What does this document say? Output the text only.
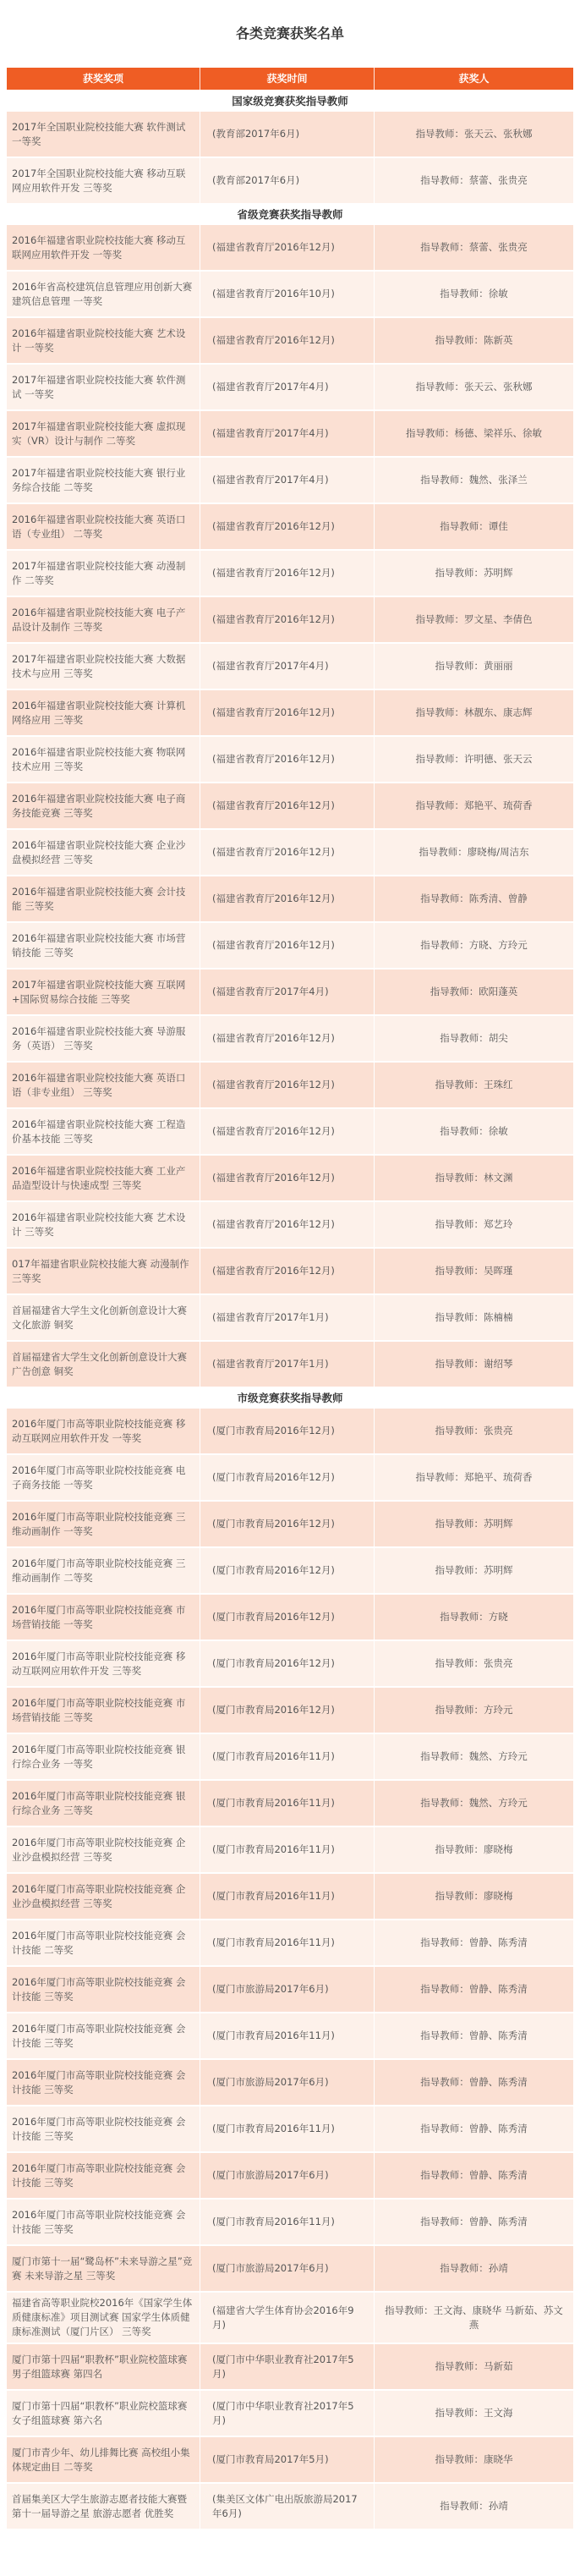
各类竞赛获奖名单
获奖奖项	获奖时间	获奖人
国家级竞赛获奖指导教师
2017年全国职业院校技能大赛 软件测试 一等奖
(教育部2017年6月)	指导教师：张天云、张秋娜
2017年全国职业院校技能大赛 移动互联网应用软件开发 三等奖
(教育部2017年6月)	指导教师：蔡蕾、张贵亮
省级竞赛获奖指导教师
2016年福建省职业院校技能大赛 移动互联网应用软件开发 一等奖
(福建省教育厅2016年12月)	指导教师：蔡蕾、张贵亮
2016年省高校建筑信息管理应用创新大赛 建筑信息管理 一等奖
(福建省教育厅2016年10月)	指导教师：徐敏
2016年福建省职业院校技能大赛 艺术设计 一等奖
(福建省教育厅2016年12月)	指导教师：陈新英
2017年福建省职业院校技能大赛 软件测试 一等奖
(福建省教育厅2017年4月)	指导教师：张天云、张秋娜
2017年福建省职业院校技能大赛 虚拟现实（VR）设计与制作 二等奖
(福建省教育厅2017年4月)	指导教师：杨德、梁祥乐、徐敏
2017年福建省职业院校技能大赛 银行业务综合技能 二等奖
(福建省教育厅2017年4月)	指导教师：魏然、张泽兰
2016年福建省职业院校技能大赛 英语口语（专业组） 二等奖
(福建省教育厅2016年12月)	指导教师：谭佳
2017年福建省职业院校技能大赛 动漫制作 二等奖
(福建省教育厅2016年12月)	指导教师：苏明辉
2016年福建省职业院校技能大赛 电子产品设计及制作 三等奖
(福建省教育厅2016年12月)	指导教师：罗文星、李倩色
2017年福建省职业院校技能大赛 大数据技术与应用 三等奖
(福建省教育厅2017年4月)	指导教师：黄丽丽
2016年福建省职业院校技能大赛 计算机网络应用 三等奖
(福建省教育厅2016年12月)	指导教师：林靓东、康志辉
2016年福建省职业院校技能大赛 物联网技术应用 三等奖
(福建省教育厅2016年12月)	指导教师：许明德、张天云
2016年福建省职业院校技能大赛 电子商务技能竞赛 三等奖
(福建省教育厅2016年12月)	指导教师：郑艳平、琉荷香
2016年福建省职业院校技能大赛 企业沙盘模拟经营 三等奖
(福建省教育厅2016年12月)	指导教师：廖晓梅/周洁东
2016年福建省职业院校技能大赛 会计技能 三等奖
(福建省教育厅2016年12月)	指导教师：陈秀清、曾静
2016年福建省职业院校技能大赛 市场营销技能 三等奖
(福建省教育厅2016年12月)	指导教师：方晓、方玲元
2017年福建省职业院校技能大赛 互联网+国际贸易综合技能 三等奖
(福建省教育厅2017年4月)	指导教师：欧阳蓬英
2016年福建省职业院校技能大赛 导游服务（英语） 三等奖
(福建省教育厅2016年12月)	指导教师：胡尖
2016年福建省职业院校技能大赛 英语口语（非专业组） 三等奖
(福建省教育厅2016年12月)	指导教师：王珠红
2016年福建省职业院校技能大赛 工程造价基本技能 三等奖
(福建省教育厅2016年12月)	指导教师：徐敏
2016年福建省职业院校技能大赛 工业产品造型设计与快速成型 三等奖
(福建省教育厅2016年12月)	指导教师：林文渊
2016年福建省职业院校技能大赛 艺术设计 三等奖
(福建省教育厅2016年12月)	指导教师：郑艺玲
017年福建省职业院校技能大赛 动漫制作 三等奖
(福建省教育厅2016年12月)	指导教师：吴晖瑾
首届福建省大学生文化创新创意设计大赛 文化旅游 铜奖
(福建省教育厅2017年1月)	指导教师：陈楠楠
首届福建省大学生文化创新创意设计大赛 广告创意 铜奖
(福建省教育厅2017年1月)	指导教师：谢绍琴
市级竞赛获奖指导教师
2016年厦门市高等职业院校技能竞赛 移动互联网应用软件开发 一等奖
(厦门市教育局2016年12月)	指导教师：张贵亮
2016年厦门市高等职业院校技能竞赛 电子商务技能 一等奖
(厦门市教育局2016年12月)	指导教师：郑艳平、琉荷香
2016年厦门市高等职业院校技能竞赛 三维动画制作 一等奖
(厦门市教育局2016年12月)	指导教师：苏明辉
2016年厦门市高等职业院校技能竞赛 三维动画制作 二等奖
(厦门市教育局2016年12月)	指导教师：苏明辉
2016年厦门市高等职业院校技能竞赛 市场营销技能 一等奖
(厦门市教育局2016年12月)	指导教师：方晓
2016年厦门市高等职业院校技能竞赛 移动互联网应用软件开发 三等奖
(厦门市教育局2016年12月)	指导教师：张贵亮
2016年厦门市高等职业院校技能竞赛 市场营销技能 三等奖
(厦门市教育局2016年12月)	指导教师：方玲元
2016年厦门市高等职业院校技能竞赛 银行综合业务 一等奖
(厦门市教育局2016年11月)	指导教师：魏然、方玲元
2016年厦门市高等职业院校技能竞赛 银行综合业务 三等奖
(厦门市教育局2016年11月)	指导教师：魏然、方玲元
2016年厦门市高等职业院校技能竞赛 企业沙盘模拟经营 三等奖
(厦门市教育局2016年11月)	指导教师：廖晓梅
2016年厦门市高等职业院校技能竞赛 企业沙盘模拟经营 三等奖
(厦门市教育局2016年11月)	指导教师：廖晓梅
2016年厦门市高等职业院校技能竞赛 会计技能 二等奖
(厦门市教育局2016年11月)	指导教师：曾静、陈秀清
2016年厦门市高等职业院校技能竞赛 会计技能 三等奖
(厦门市旅游局2017年6月)	指导教师：曾静、陈秀清
2016年厦门市高等职业院校技能竞赛 会计技能 三等奖
(厦门市教育局2016年11月)	指导教师：曾静、陈秀清
2016年厦门市高等职业院校技能竞赛 会计技能 三等奖
(厦门市旅游局2017年6月)	指导教师：曾静、陈秀清
2016年厦门市高等职业院校技能竞赛 会计技能 三等奖
(厦门市教育局2016年11月)	指导教师：曾静、陈秀清
2016年厦门市高等职业院校技能竞赛 会计技能 三等奖
(厦门市旅游局2017年6月)	指导教师：曾静、陈秀清
2016年厦门市高等职业院校技能竞赛 会计技能 三等奖
(厦门市教育局2016年11月)	指导教师：曾静、陈秀清
厦门市第十一届“鹭岛杯”未来导游之星”竞赛 未来导游之星 三等奖
(厦门市旅游局2017年6月)	指导教师：孙靖
福建省高等职业院校2016年《国家学生体质健康标准》项目测试赛 国家学生体质健康标准测试（厦门片区） 三等奖
(福建省大学生体育协会2016年9月)
指导教师：王文海、康晓华 马新茹、苏文燕
厦门市第十四届“职教杯”职业院校篮球赛 男子组篮球赛 第四名
(厦门市中华职业教育社2017年5月)
指导教师：马新茹
厦门市第十四届“职教杯”职业院校篮球赛 女子组篮球赛 第六名
(厦门市中华职业教育社2017年5月)
指导教师：王文海
厦门市青少年、幼儿排舞比赛 高校组小集体规定曲目 二等奖
(厦门市教育局2017年5月)	指导教师：康晓华
首届集美区大学生旅游志愿者技能大赛暨第十一届导游之星 旅游志愿者 优胜奖
(集美区文体广电出版旅游局2017年6月)
指导教师：孙靖
